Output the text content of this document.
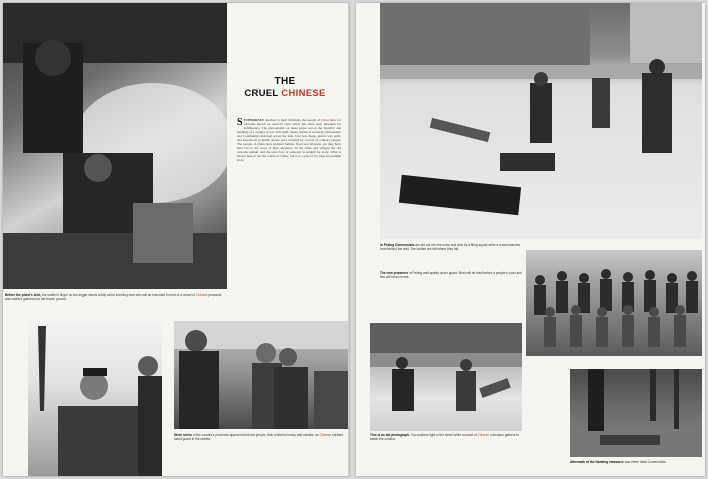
Before the pistol's shot, the soldier's finger on the trigger stares coldly at the kneeling man who will be executed in front of a crowd of Chinese peasants and soldiers gathered on the frozen ground.

THE
CRUEL CHINESE

STUBBORNLY attached to their traditions, the people of China have for centuries shown an outward calm which has often been mistaken for indifference. The photographs on these pages record the brutality and hardship of a country at war with itself, where armies of warlords, Nationalists and Communists marched across the land. Life was cheap, justice was swift, and executions in public streets were watched by crowds of ordinary people. The people of China have endured famine, flood and invasion, yet they have held fast to the ways of their ancestors. In the cities and villages the old customs remain, and the stern face of authority is seldom far away. What is shown here is not the whole of China, but it is a part of its long and painful story.

Stern rulers of the country's provinces appear before the people, their uniforms heavy with medals, as Chinese soldiers stand guard in the streets.

In Peking Communists are led out into the snow and shot by a firing squad while a crowd watches from behind the wall. The bodies are left where they fall.

The new prisoners in Peking wait quietly under guard. Most will be tried before a people's court and few will return home.

This is an old photograph. Two soldiers fight in the street while a crowd of Chinese onlookers gathers to watch the contest.

Aftermath of the Nanking massacre was these dead Communists.
